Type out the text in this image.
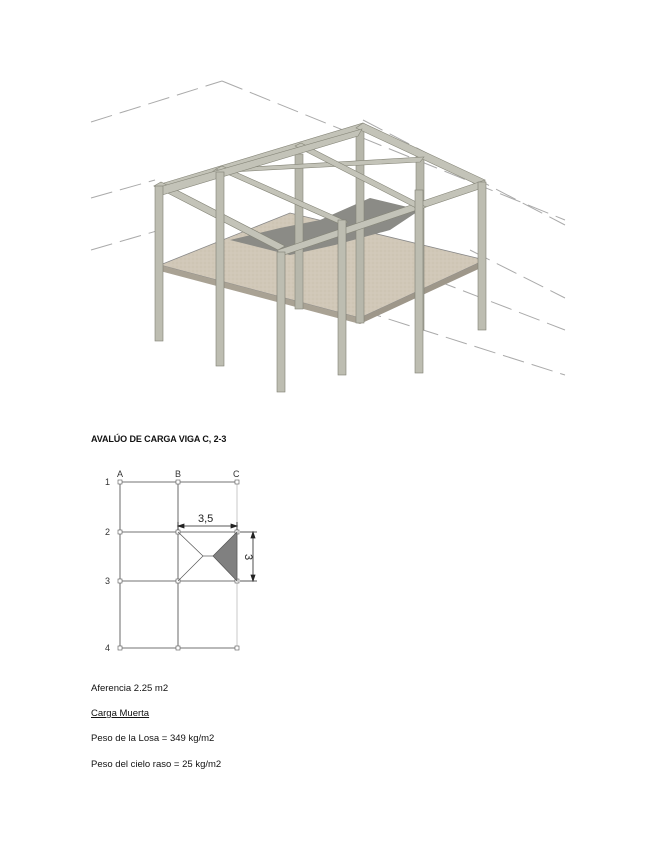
AVALÚO DE CARGA VIGA C, 2-3
3,5
3
A	B	C
1
2
3
4
Aferencia 2.25 m2
Carga Muerta
Peso de la Losa = 349 kg/m2
Peso del cielo raso = 25 kg/m2
